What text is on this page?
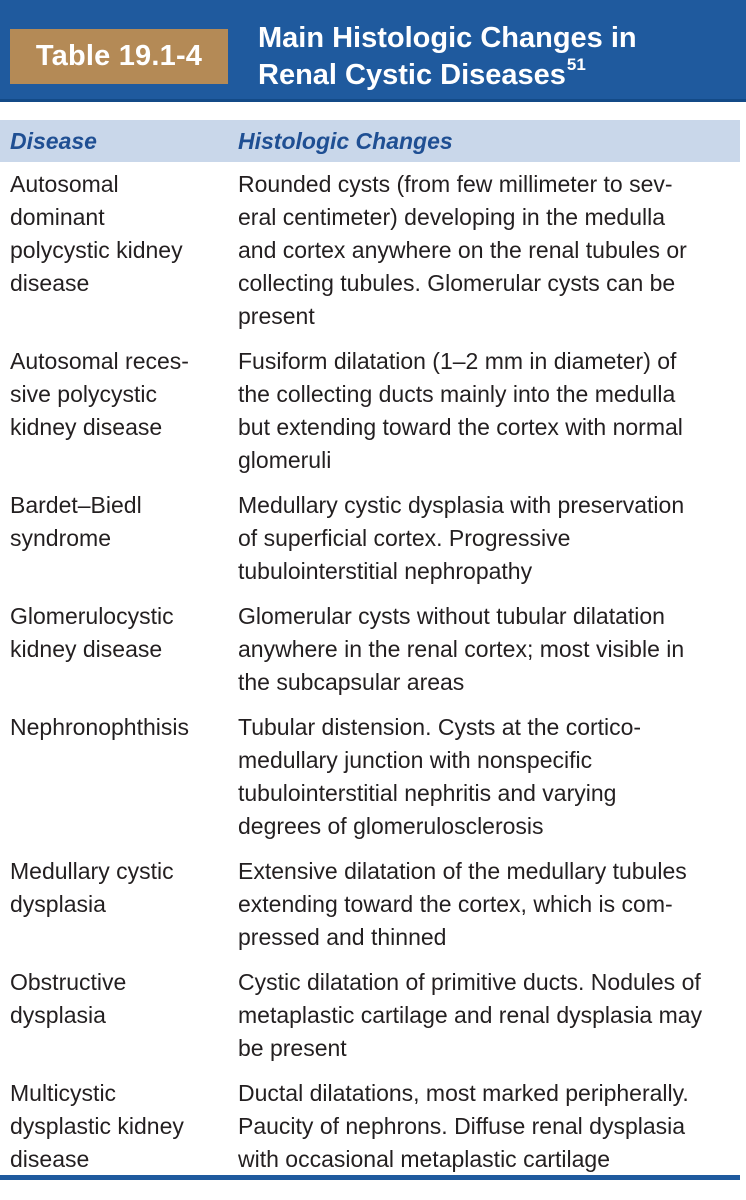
Table 19.1-4
Main Histologic Changes in
Renal Cystic Diseases$^{51}$
Disease	Histologic Changes
Autosomal
dominant
polycystic kidney
disease
Rounded cysts (from few millimeter to sev-
eral centimeter) developing in the medulla
and cortex anywhere on the renal tubules or
collecting tubules. Glomerular cysts can be
present
Autosomal reces-
sive polycystic
kidney disease
Fusiform dilatation (1–2 mm in diameter) of
the collecting ducts mainly into the medulla
but extending toward the cortex with normal
glomeruli
Bardet–Biedl
syndrome
Medullary cystic dysplasia with preservation
of superficial cortex. Progressive
tubulointerstitial nephropathy
Glomerulocystic
kidney disease
Glomerular cysts without tubular dilatation
anywhere in the renal cortex; most visible in
the subcapsular areas
Nephronophthisis	Tubular distension. Cysts at the cortico-
medullary junction with nonspecific
tubulointerstitial nephritis and varying
degrees of glomerulosclerosis
Medullary cystic
dysplasia
Extensive dilatation of the medullary tubules
extending toward the cortex, which is com-
pressed and thinned
Obstructive
dysplasia
Cystic dilatation of primitive ducts. Nodules of
metaplastic cartilage and renal dysplasia may
be present
Multicystic
dysplastic kidney
disease
Ductal dilatations, most marked peripherally.
Paucity of nephrons. Diffuse renal dysplasia
with occasional metaplastic cartilage
